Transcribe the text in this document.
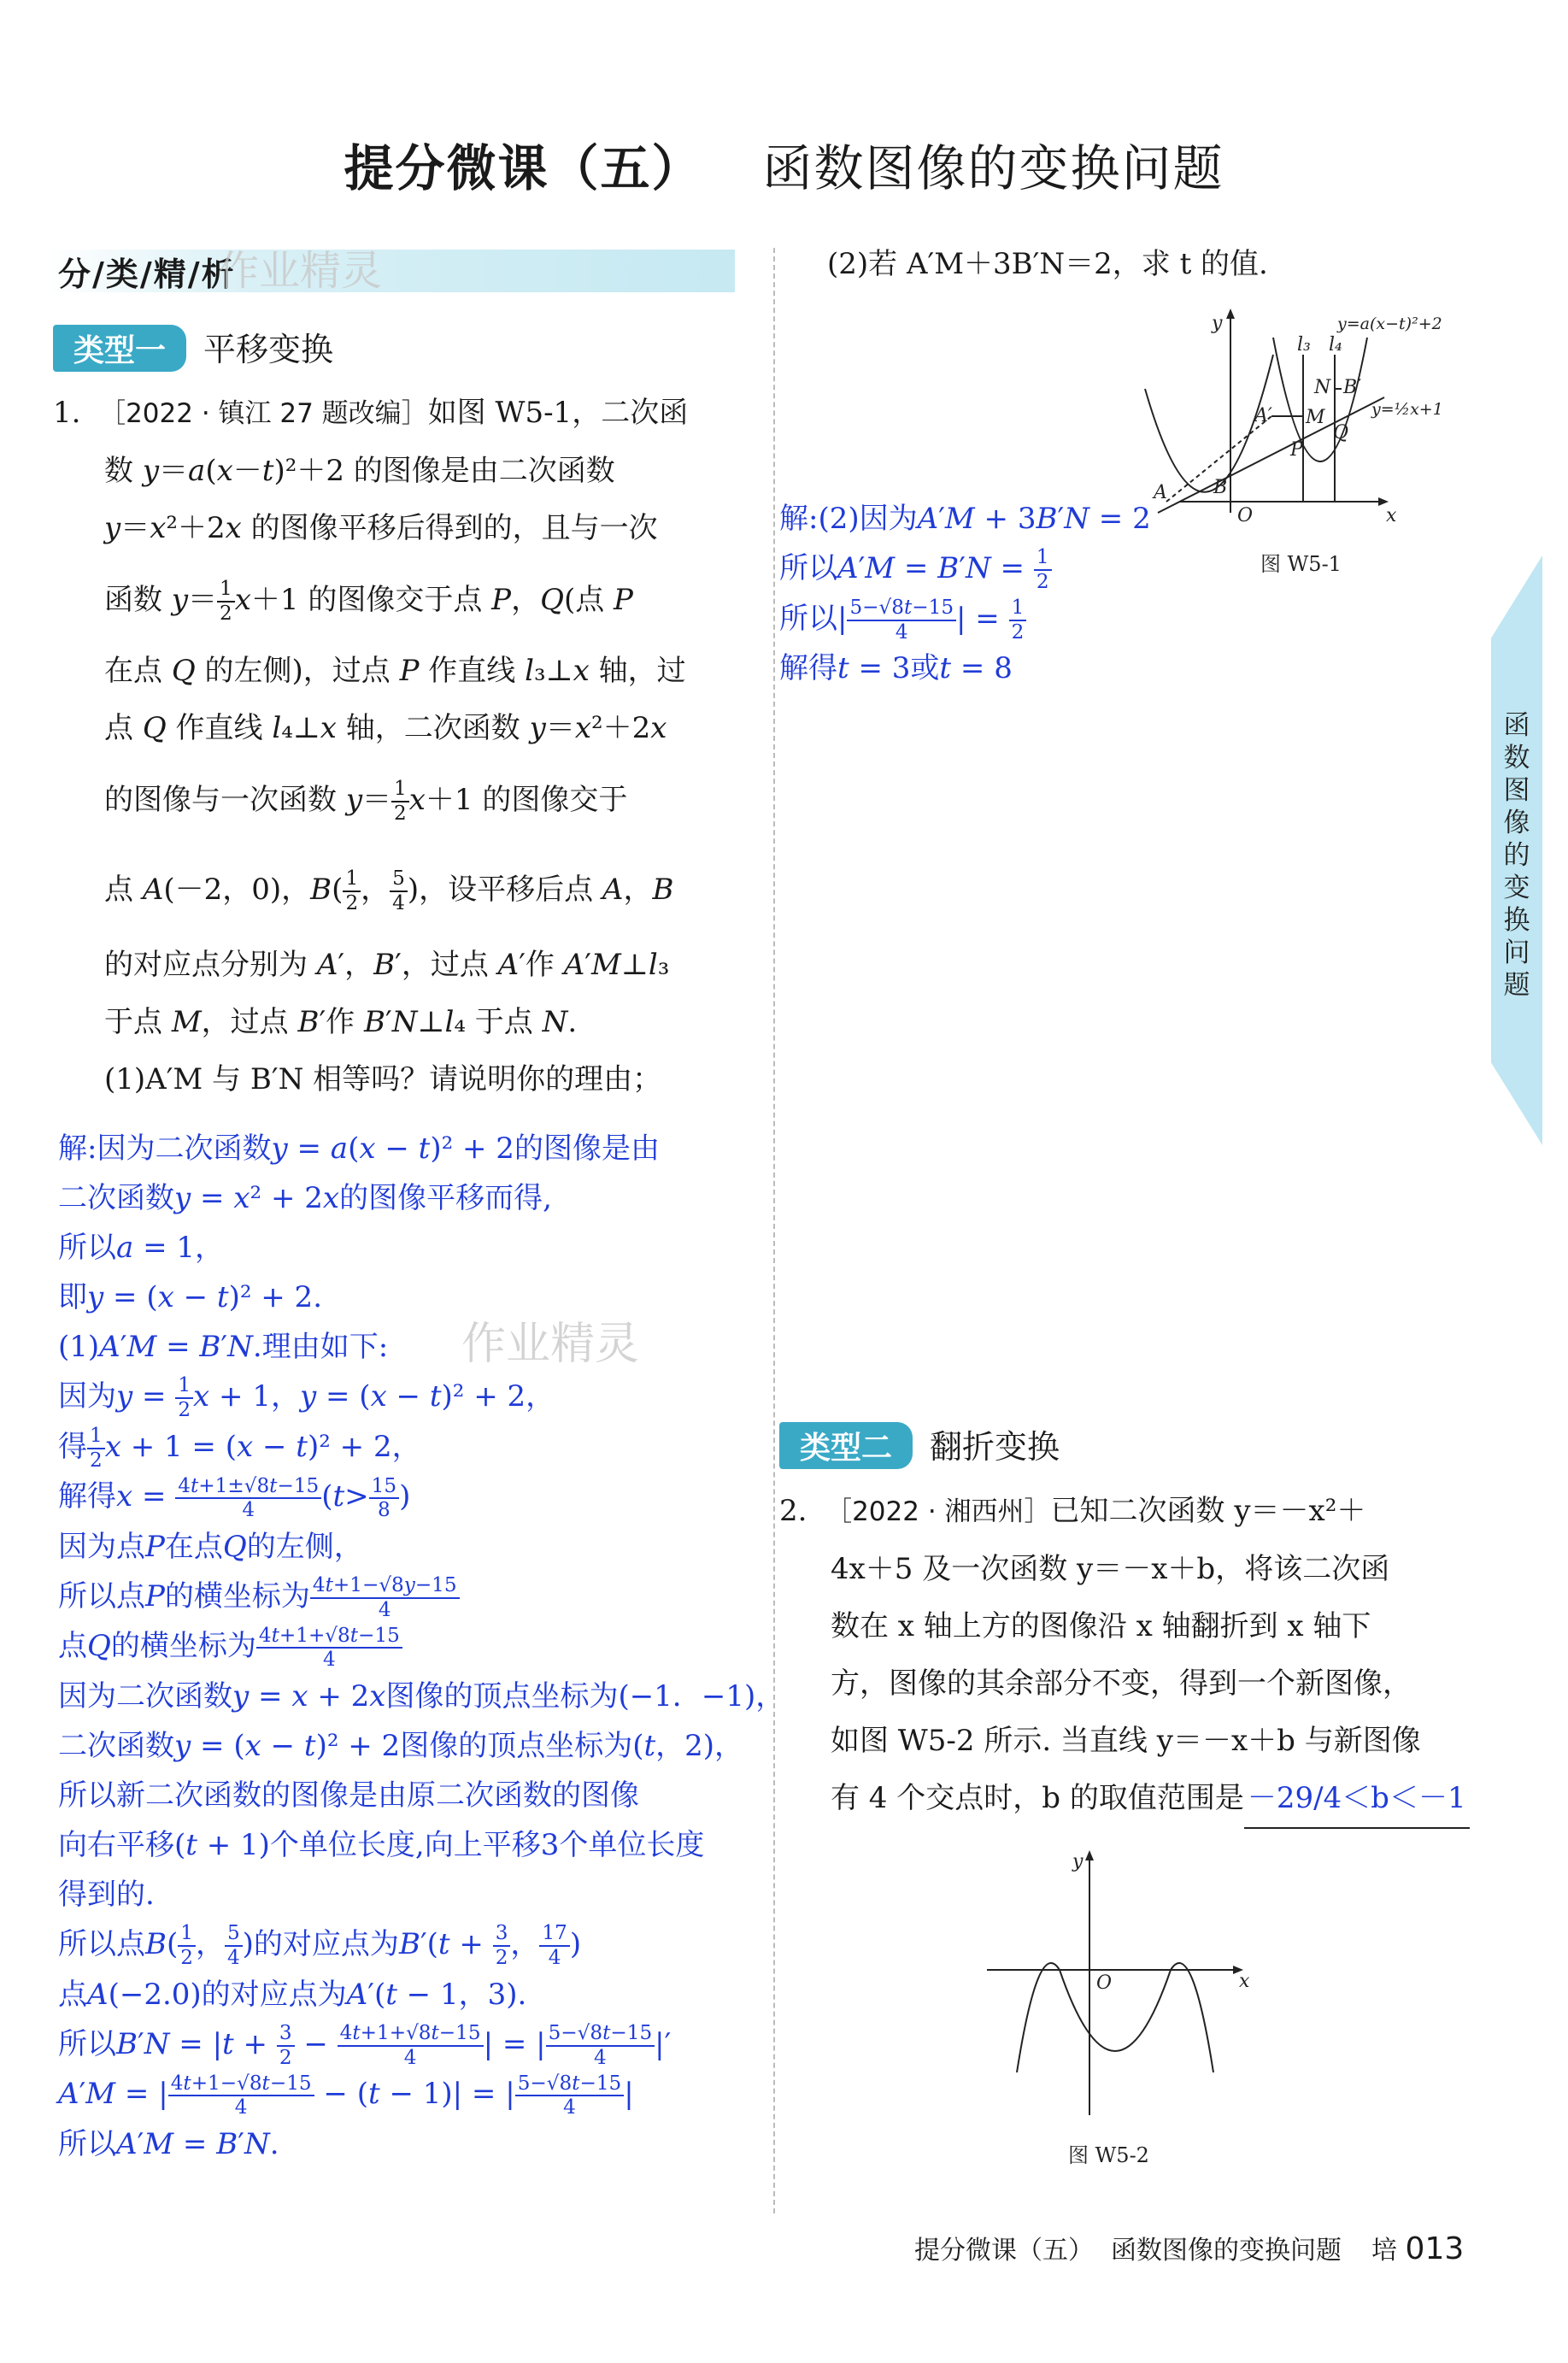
提分微课（五） 函数图像的变换问题
分/类/精/析
作业精灵
类型一 平移变换
1. ［2022 · 镇江 27 题改编］如图 W5-1，二次函
数 y＝a(x－t)²＋2 的图像是由二次函数
y＝x²＋2x 的图像平移后得到的，且与一次
函数 $y= \frac{1}{2} x+1$ 的图像交于点 P，Q(点 P
在点 Q 的左侧)，过点 P 作直线 l₃⊥x 轴，过
点 Q 作直线 l₄⊥x 轴，二次函数 y＝x²＋2x
的图像与一次函数 $y= \frac{1}{2} x+1$ 的图像交于
点 A(－2，0)，$B( \frac{1}{2}$ ， $\frac{5}{4}$ )，设平移后点 A，B
的对应点分别为 A′，B′，过点 A′作 A′M⊥l₃
于点 M，过点 B′作 B′N⊥l₄ 于点 N.
(1)A′M 与 B′N 相等吗？请说明你的理由；
解:因为二次函数y = a(x − t)² + 2的图像是由
二次函数y = x² + 2x的图像平移而得,
所以a = 1，
即y = (x − t)² + 2.
(1)A′M = B′N.理由如下:
因为$y = \frac{1}{2}$ x + 1，y = (x − t)² + 2，
得 $\frac{1}{2}$ x + 1 = (x − t)² + 2，
解得$x = \frac{4t+1\pm√8t-15}{4} (t> \frac{15}{8}$ )
因为点P在点Q的左侧，
所以点P的横坐标为 $\frac{4t+1-√8y-15}{4}$
点Q的横坐标为 $\frac{4t+1+√8t-15}{4}$
因为二次函数y = x + 2x图像的顶点坐标为(−1．−1)，
二次函数y = (x − t)² + 2图像的顶点坐标为(t，2)，
所以新二次函数的图像是由原二次函数的图像
向右平移(t + 1)个单位长度,向上平移3个单位长度
得到的.
所以点$B( \frac{1}{2}$ ， $\frac{5}{4}$ )的对应点为$B'(t + \frac{3}{2}$ ， $\frac{17}{4}$ )
点A(−2.0)的对应点为A′(t − 1，3).
所以$B'N = |t + \frac{3}{2} - \frac{4t+1+√8t-15}{4}$ | = | $\frac{5-√8t-15}{4}$ |′
A′M = | $\frac{4t+1-√8t-15}{4} - (t - 1)|$ = | $\frac{5-√8t-15}{4}$ |
所以A′M = B′N.
作业精灵
(2)若 A′M＋3B′N＝2，求 t 的值.
y
x
O
l₃ l₄
y=a(x−t)²+2
y=½x+1
A B
P
Q
M
N
A′
B′
图 W5-1
解:(2)因为A′M + 3B′N = 2
所以$A'M = B'N = \frac{1}{2}$
所以| $\frac{5-√8t-15}{4}$ | = $\frac{1}{2}$
解得t = 3或t = 8
函数图像的变换问题
类型二 翻折变换
2. ［2022 · 湘西州］已知二次函数 y＝－x²＋
4x＋5 及一次函数 y＝－x＋b，将该二次函
数在 x 轴上方的图像沿 x 轴翻折到 x 轴下
方，图像的其余部分不变，得到一个新图像，
如图 W5-2 所示. 当直线 y＝－x＋b 与新图像
有 4 个交点时，b 的取值范围是 －29/4＜b＜－1
y
x
O
图 W5-2
提分微课（五） 函数图像的变换问题 培 013
